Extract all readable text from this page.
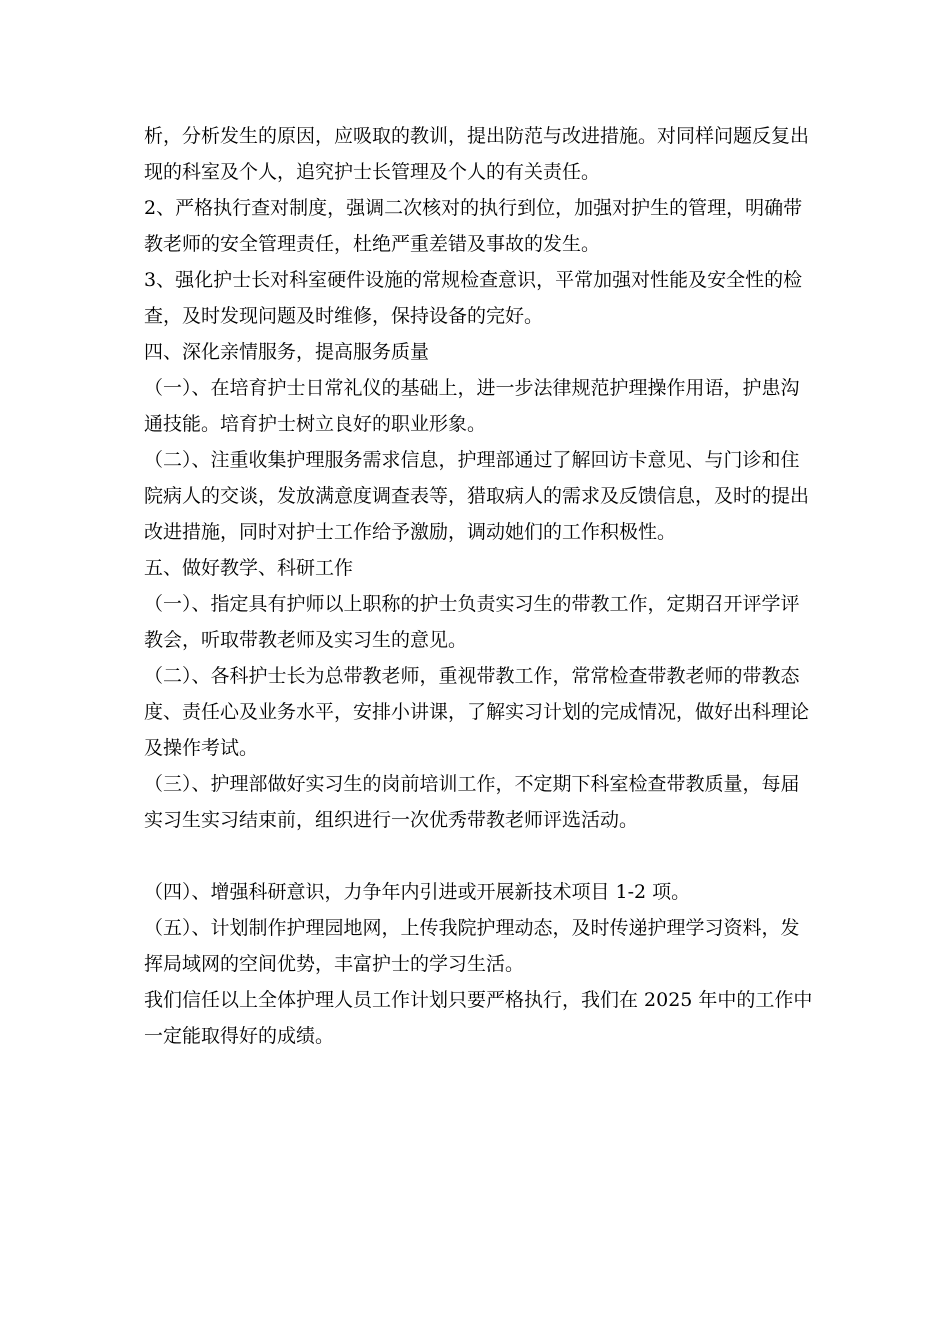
析，分析发生的原因，应吸取的教训，提出防范与改进措施。对同样问题反复出现的科室及个人，追究护士长管理及个人的有关责任。

2、严格执行查对制度，强调二次核对的执行到位，加强对护生的管理，明确带教老师的安全管理责任，杜绝严重差错及事故的发生。

3、强化护士长对科室硬件设施的常规检查意识，平常加强对性能及安全性的检查，及时发现问题及时维修，保持设备的完好。

四、深化亲情服务，提高服务质量

（一）、在培育护士日常礼仪的基础上，进一步法律规范护理操作用语，护患沟通技能。培育护士树立良好的职业形象。

（二）、注重收集护理服务需求信息，护理部通过了解回访卡意见、与门诊和住院病人的交谈，发放满意度调查表等，猎取病人的需求及反馈信息，及时的提出改进措施，同时对护士工作给予激励，调动她们的工作积极性。

五、做好教学、科研工作

（一）、指定具有护师以上职称的护士负责实习生的带教工作，定期召开评学评教会，听取带教老师及实习生的意见。

（二）、各科护士长为总带教老师，重视带教工作，常常检查带教老师的带教态度、责任心及业务水平，安排小讲课，了解实习计划的完成情况，做好出科理论及操作考试。

（三）、护理部做好实习生的岗前培训工作，不定期下科室检查带教质量，每届实习生实习结束前，组织进行一次优秀带教老师评选活动。

（四）、增强科研意识，力争年内引进或开展新技术项目 1-2 项。

（五）、计划制作护理园地网，上传我院护理动态，及时传递护理学习资料，发挥局域网的空间优势，丰富护士的学习生活。

我们信任以上全体护理人员工作计划只要严格执行，我们在 2025 年中的工作中一定能取得好的成绩。
